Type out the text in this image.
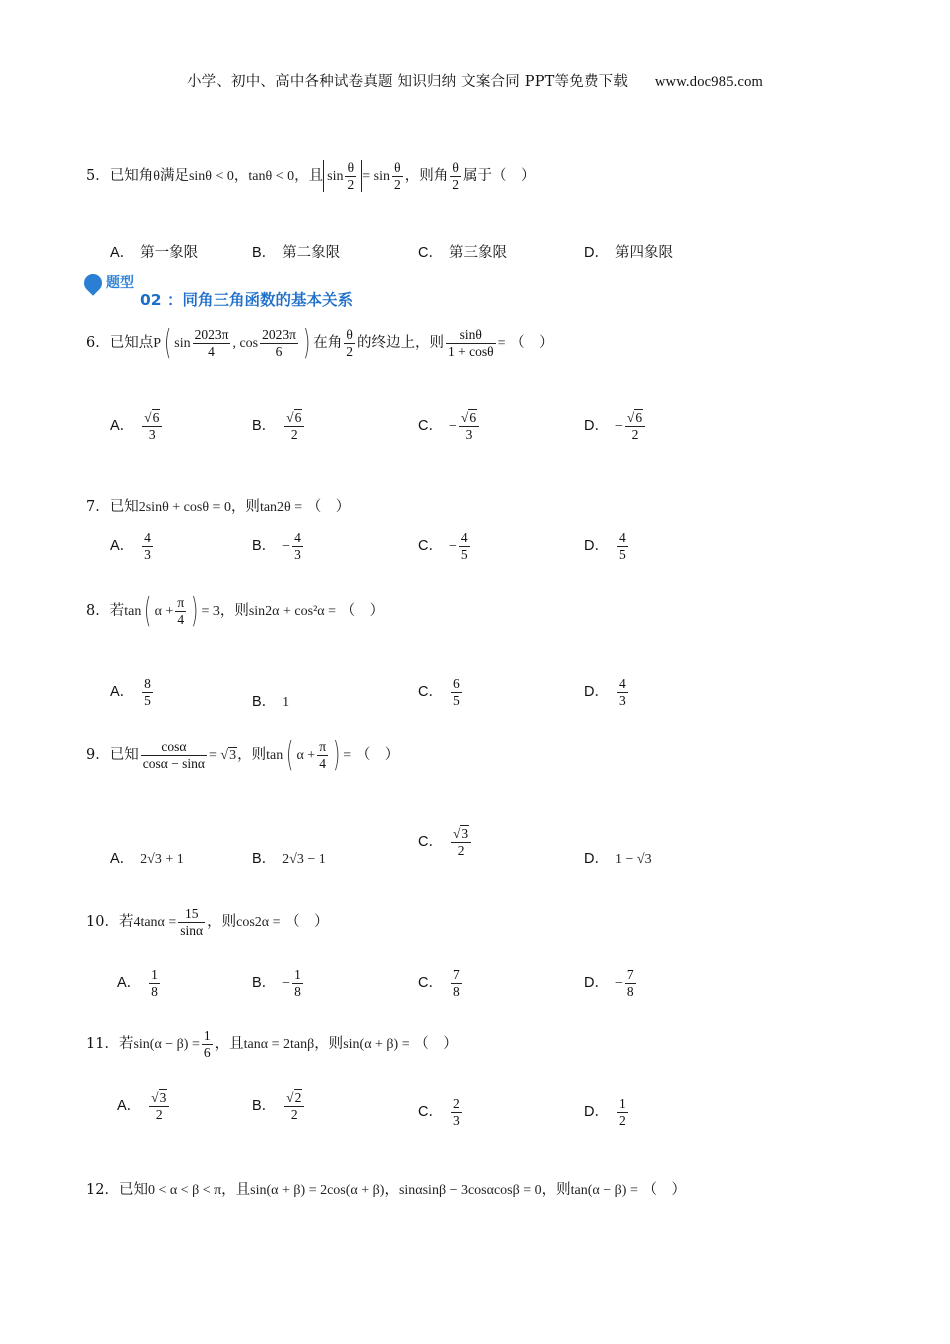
小学、初中、高中各种试卷真题 知识归纳 文案合同 PPT等免费下载 www.doc985.com
5．已知角θ满足sinθ < 0，tanθ < 0，且 $\sin \frac{\theta}{2} = \sin \frac{\theta}{2}$ ，则角 $\frac{\theta}{2}$ 属于（　）
A． 第一象限	B． 第二象限	C． 第三象限	D． 第四象限
题型
02 ：同角三角函数的基本关系
6．已知点P( $\sin \frac{2023\pi}{4}$ , $\cos \frac{2023\pi}{6}$ ) 在角 $\frac{\theta}{2}$ 的终边上，则 $\frac{\sin\theta}{1 + \cos\theta}$ = （　）
A． $\frac{√6}{3}$	B． $\frac{√6}{2}$	C． − $\frac{√6}{3}$	D． − $\frac{√6}{2}$
7．已知2sinθ + cosθ = 0，则tan2θ = （　）
A． $\frac{4}{3}$	B． − $\frac{4}{3}$	C． − $\frac{4}{5}$	D． $\frac{4}{5}$
8．若tan( $\alpha + \frac{\pi}{4}$ ) = 3，则sin2α + cos²α = （　）
A． $\frac{8}{5}$	B． 1
C． $\frac{6}{5}$	D． $\frac{4}{3}$
9．已知 $\frac{\cos\alpha}{\cos\alpha - \sin\alpha} = √3$，则tan( $\alpha + \frac{\pi}{4}$ ) = （　）
A． 2√3 + 1	B． 2√3 − 1
C． $\frac{√3}{2}$
D． 1 − √3
10．若$4\tan\alpha = \frac{15}{\sin\alpha}$ ，则cos2α = （　）
A． $\frac{1}{8}$	B． − $\frac{1}{8}$	C． $\frac{7}{8}$	D． − $\frac{7}{8}$
11．若$\sin(\alpha - \beta) = \frac{1}{6}$ ，且tanα = 2tanβ，则sin(α + β) = （　）
A． $\frac{√3}{2}$	B． $\frac{√2}{2}$	C． $\frac{2}{3}$	D． $\frac{1}{2}$
12．已知0 < α < β < π，且sin(α + β) = 2cos(α + β)，sinαsinβ − 3cosαcosβ = 0，则tan(α − β) = （　）
